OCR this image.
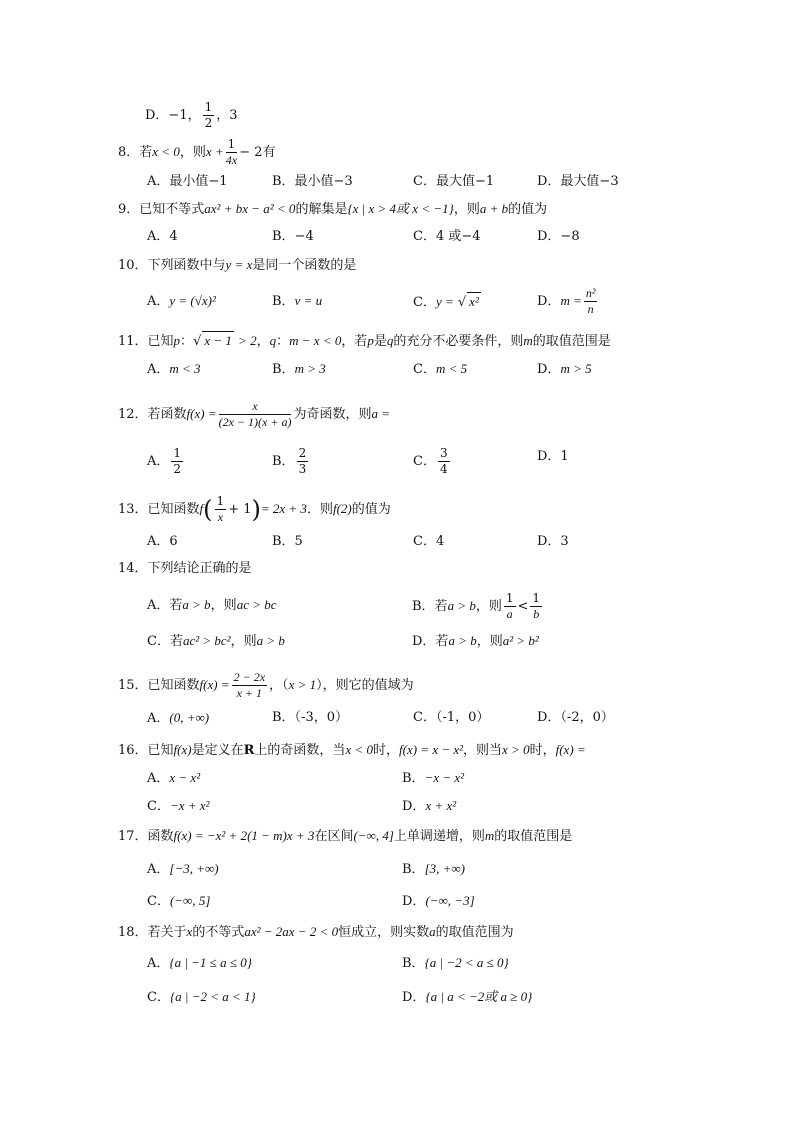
D．−1， $\frac{1}{2}$ ，3
8．若x < 0，则$x + \frac{1}{4x} - 2$有
A．最小值−1	B．最小值−3	C．最大值−1	D．最大值−3
9．已知不等式ax² + bx − a² < 0的解集是{x | x > 4或 x < −1}，则a + b的值为
A．4	B．−4	C．4 或−4	D．−8
10．下列函数中与y = x是同一个函数的是
A．y = (√x)²	B．v = u	C．y = √ x²	D．$m = \frac{\text{n²}}{n}$
11．已知p：√ x − 1 > 2，q：m − x < 0，若p是q的充分不必要条件，则m的取值范围是
A．m < 3	B．m > 3	C．m < 5	D．m > 5
12．若函数$f(x) = \frac{x}{(2x - 1)(x + a)}$ 为奇函数，则a =
A． $\frac{1}{2}$	B． $\frac{2}{3}$	C． $\frac{3}{4}$	D．1
13．已知函数$f( \frac{1}{x} + 1)= 2x + 3$．则f(2)的值为
A．6	B．5	C．4	D．3
14．下列结论正确的是
A．若a > b，则ac > bc	B．若a > b，则 $\frac{1}{a} < \frac{1}{b}$
C．若ac² > bc²，则a > b	D．若a > b，则a² > b²
15．已知函数$f(x) = \frac{2 - 2x}{x + 1}$ ，（x > 1），则它的值域为
A．(0, +∞)	B．（-3，0）	C．（-1，0）	D．（-2，0）
16．已知f(x)是定义在R上的奇函数，当x < 0时，f(x) = x − x²，则当x > 0时，f(x) =
A．x − x²	B．−x − x²
C．−x + x²	D．x + x²
17．函数f(x) = −x² + 2(1 − m)x + 3在区间(−∞, 4]上单调递增，则m的取值范围是
A．[−3, +∞)	B．[3, +∞)
C．(−∞, 5]	D．(−∞, −3]
18．若关于x的不等式ax² − 2ax − 2 < 0恒成立，则实数a的取值范围为
A．{a | −1 ≤ a ≤ 0}	B．{a | −2 < a ≤ 0}
C．{a | −2 < a < 1}	D．{a | a < −2或 a ≥ 0}
